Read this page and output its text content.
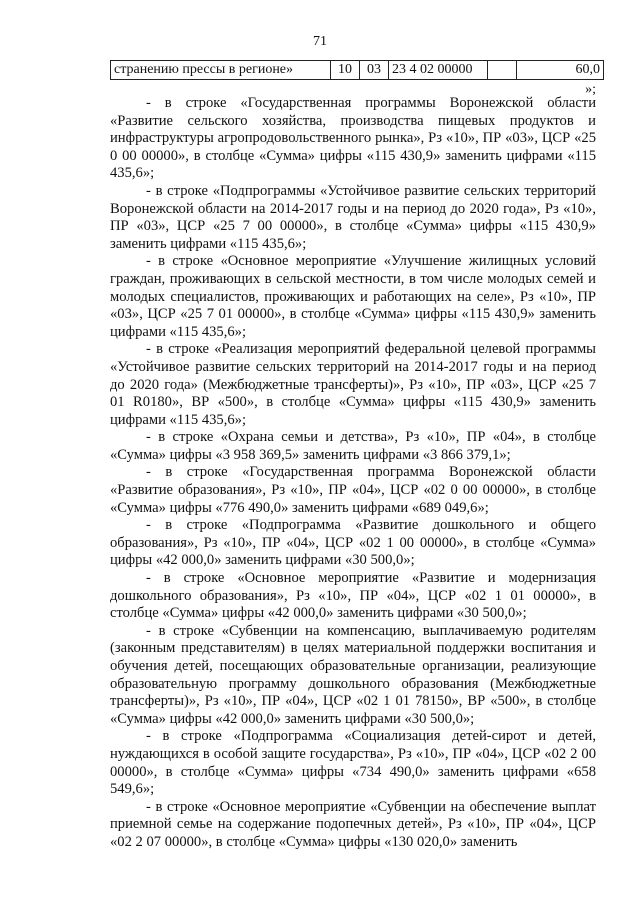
71
странению прессы в регионе»	10	03	23 4 02 00000		60,0
»;

- в строке «Государственная программы Воронежской области «Развитие сельского хозяйства, производства пищевых продуктов и инфраструктуры агропродовольственного рынка», Рз «10», ПР «03», ЦСР «25 0 00 00000», в столбце «Сумма» цифры «115 430,9» заменить цифрами «115 435,6»;

- в строке «Подпрограммы «Устойчивое развитие сельских территорий Воронежской области на 2014-2017 годы и на период до 2020 года», Рз «10», ПР «03», ЦСР «25 7 00 00000», в столбце «Сумма» цифры «115 430,9» заменить цифрами «115 435,6»;

- в строке «Основное мероприятие «Улучшение жилищных условий граждан, проживающих в сельской местности, в том числе молодых семей и молодых специалистов, проживающих и работающих на селе», Рз «10», ПР «03», ЦСР «25 7 01 00000», в столбце «Сумма» цифры «115 430,9» заменить цифрами «115 435,6»;

- в строке «Реализация мероприятий федеральной целевой программы «Устойчивое развитие сельских территорий на 2014-2017 годы и на период до 2020 года» (Межбюджетные трансферты)», Рз «10», ПР «03», ЦСР «25 7 01 R0180», ВР «500», в столбце «Сумма» цифры «115 430,9» заменить цифрами «115 435,6»;

- в строке «Охрана семьи и детства», Рз «10», ПР «04», в столбце «Сумма» цифры «3 958 369,5» заменить цифрами «3 866 379,1»;

- в строке «Государственная программа Воронежской области «Развитие образования», Рз «10», ПР «04», ЦСР «02 0 00 00000», в столбце «Сумма» цифры «776 490,0» заменить цифрами «689 049,6»;

- в строке «Подпрограмма «Развитие дошкольного и общего образования», Рз «10», ПР «04», ЦСР «02 1 00 00000», в столбце «Сумма» цифры «42 000,0» заменить цифрами «30 500,0»;

- в строке «Основное мероприятие «Развитие и модернизация дошкольного образования», Рз «10», ПР «04», ЦСР «02 1 01 00000», в столбце «Сумма» цифры «42 000,0» заменить цифрами «30 500,0»;

- в строке «Субвенции на компенсацию, выплачиваемую родителям (законным представителям) в целях материальной поддержки воспитания и обучения детей, посещающих образовательные организации, реализующие образовательную программу дошкольного образования (Межбюджетные трансферты)», Рз «10», ПР «04», ЦСР «02 1 01 78150», ВР «500», в столбце «Сумма» цифры «42 000,0» заменить цифрами «30 500,0»;

- в строке «Подпрограмма «Социализация детей-сирот и детей, нуждающихся в особой защите государства», Рз «10», ПР «04», ЦСР «02 2 00 00000», в столбце «Сумма» цифры «734 490,0» заменить цифрами «658 549,6»;

- в строке «Основное мероприятие «Субвенции на обеспечение выплат приемной семье на содержание подопечных детей», Рз «10», ПР «04», ЦСР «02 2 07 00000», в столбце «Сумма» цифры «130 020,0» заменить
